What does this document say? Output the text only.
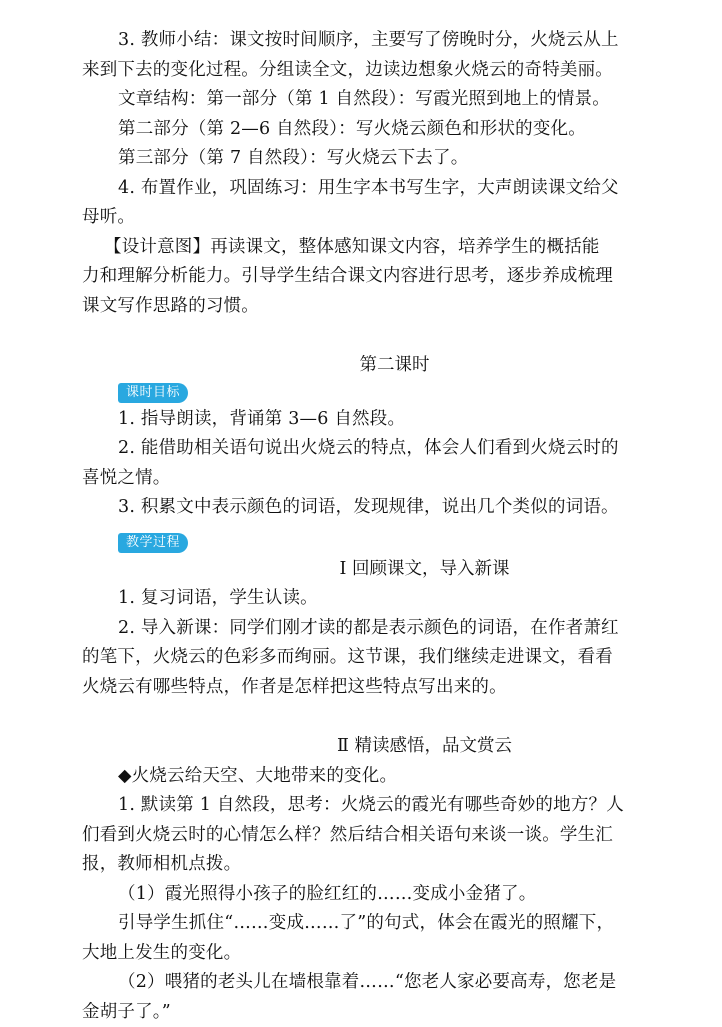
3. 教师小结：课文按时间顺序，主要写了傍晚时分，火烧云从上
来到下去的变化过程。分组读全文，边读边想象火烧云的奇特美丽。
文章结构：第一部分（第 1 自然段）：写霞光照到地上的情景。
第二部分（第 2—6 自然段）：写火烧云颜色和形状的变化。
第三部分（第 7 自然段）：写火烧云下去了。
4. 布置作业，巩固练习：用生字本书写生字，大声朗读课文给父
母听。
【设计意图】再读课文，整体感知课文内容，培养学生的概括能
力和理解分析能力。引导学生结合课文内容进行思考，逐步养成梳理
课文写作思路的习惯。
第二课时
课时目标
1. 指导朗读，背诵第 3—6 自然段。
2. 能借助相关语句说出火烧云的特点，体会人们看到火烧云时的
喜悦之情。
3. 积累文中表示颜色的词语，发现规律，说出几个类似的词语。
教学过程
Ⅰ 回顾课文，导入新课
1. 复习词语，学生认读。
2. 导入新课：同学们刚才读的都是表示颜色的词语，在作者萧红
的笔下，火烧云的色彩多而绚丽。这节课，我们继续走进课文，看看
火烧云有哪些特点，作者是怎样把这些特点写出来的。
Ⅱ 精读感悟，品文赏云
◆火烧云给天空、大地带来的变化。
1. 默读第 1 自然段，思考：火烧云的霞光有哪些奇妙的地方？人
们看到火烧云时的心情怎么样？然后结合相关语句来谈一谈。学生汇
报，教师相机点拨。
（1）霞光照得小孩子的脸红红的……变成小金猪了。
引导学生抓住“……变成……了”的句式，体会在霞光的照耀下，
大地上发生的变化。
（2）喂猪的老头儿在墙根靠着……“您老人家必要高寿，您老是
金胡子了。”
